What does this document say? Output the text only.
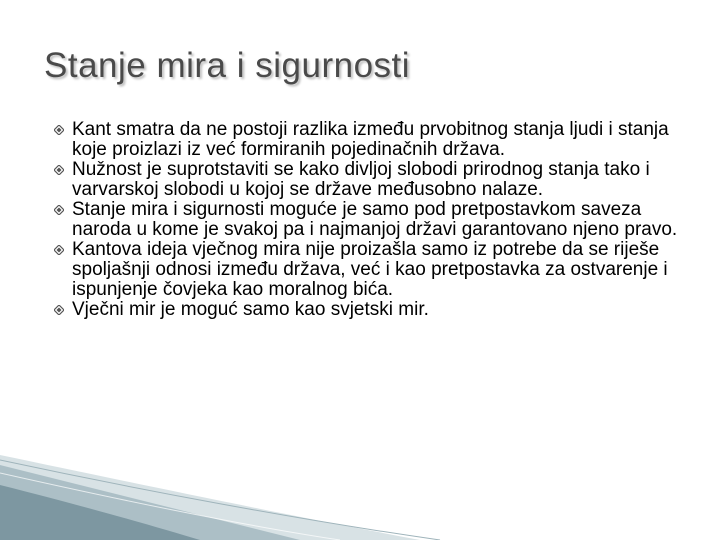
Stanje mira i sigurnosti
Kant smatra da ne postoji razlika između prvobitnog stanja ljudi i stanja koje proizlazi iz već formiranih pojedinačnih država.
Nužnost je suprotstaviti se kako divljoj slobodi prirodnog stanja tako i varvarskoj slobodi u kojoj se države međusobno nalaze.
Stanje mira i sigurnosti moguće je samo pod pretpostavkom saveza naroda u kome je svakoj pa i najmanjoj državi garantovano njeno pravo.
Kantova ideja vječnog mira nije proizašla samo iz potrebe da se riješe spoljašnji odnosi između država, već i kao pretpostavka za ostvarenje i ispunjenje čovjeka kao moralnog bića.
Vječni mir je moguć samo kao svjetski mir.
